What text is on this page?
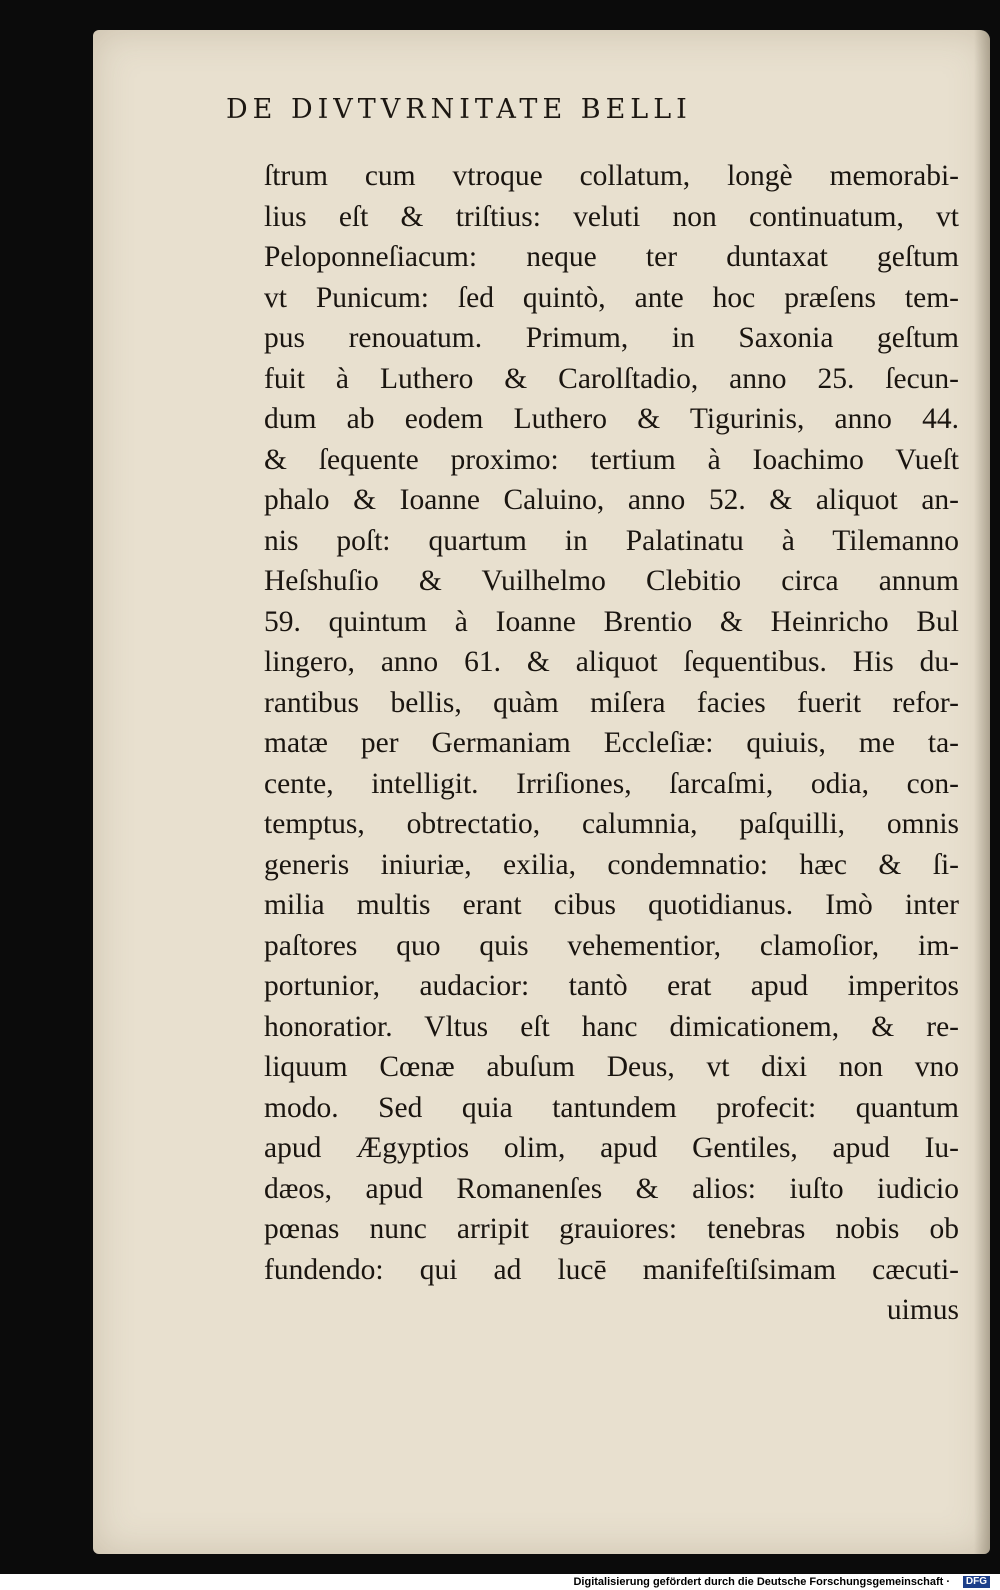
DE DIVTVRNITATE BELLI
ſtrum cum vtroque collatum, longè memorabi-
lius eſt & triſtius: veluti non continuatum, vt
Peloponneſiacum: neque ter duntaxat geſtum
vt Punicum: ſed quintò, ante hoc præſens tem-
pus renouatum. Primum, in Saxonia geſtum
fuit à Luthero & Carolſtadio, anno 25. ſecun-
dum ab eodem Luthero & Tigurinis, anno 44.
& ſequente proximo: tertium à Ioachimo Vueſt
phalo & Ioanne Caluino, anno 52. & aliquot an-
nis poſt: quartum in Palatinatu à Tilemanno
Heſshuſio & Vuilhelmo Clebitio circa annum
59. quintum à Ioanne Brentio & Heinricho Bul
lingero, anno 61. & aliquot ſequentibus. His du-
rantibus bellis, quàm miſera facies fuerit refor-
matæ per Germaniam Eccleſiæ: quiuis, me ta-
cente, intelligit. Irriſiones, ſarcaſmi, odia, con-
temptus, obtrectatio, calumnia, paſquilli, omnis
generis iniuriæ, exilia, condemnatio: hæc & ſi-
milia multis erant cibus quotidianus. Imò inter
paſtores quo quis vehementior, clamoſior, im-
portunior, audacior: tantò erat apud imperitos
honoratior. Vltus eſt hanc dimicationem, & re-
liquum Cœnæ abuſum Deus, vt dixi non vno
modo. Sed quia tantundem profecit: quantum
apud Ægyptios olim, apud Gentiles, apud Iu-
dæos, apud Romanenſes & alios: iuſto iudicio
pœnas nunc arripit grauiores: tenebras nobis ob
fundendo: qui ad lucē manifeſtiſsimam cæcuti-
uimus
Digitalisierung gefördert durch die Deutsche Forschungsgemeinschaft ·	DFG
